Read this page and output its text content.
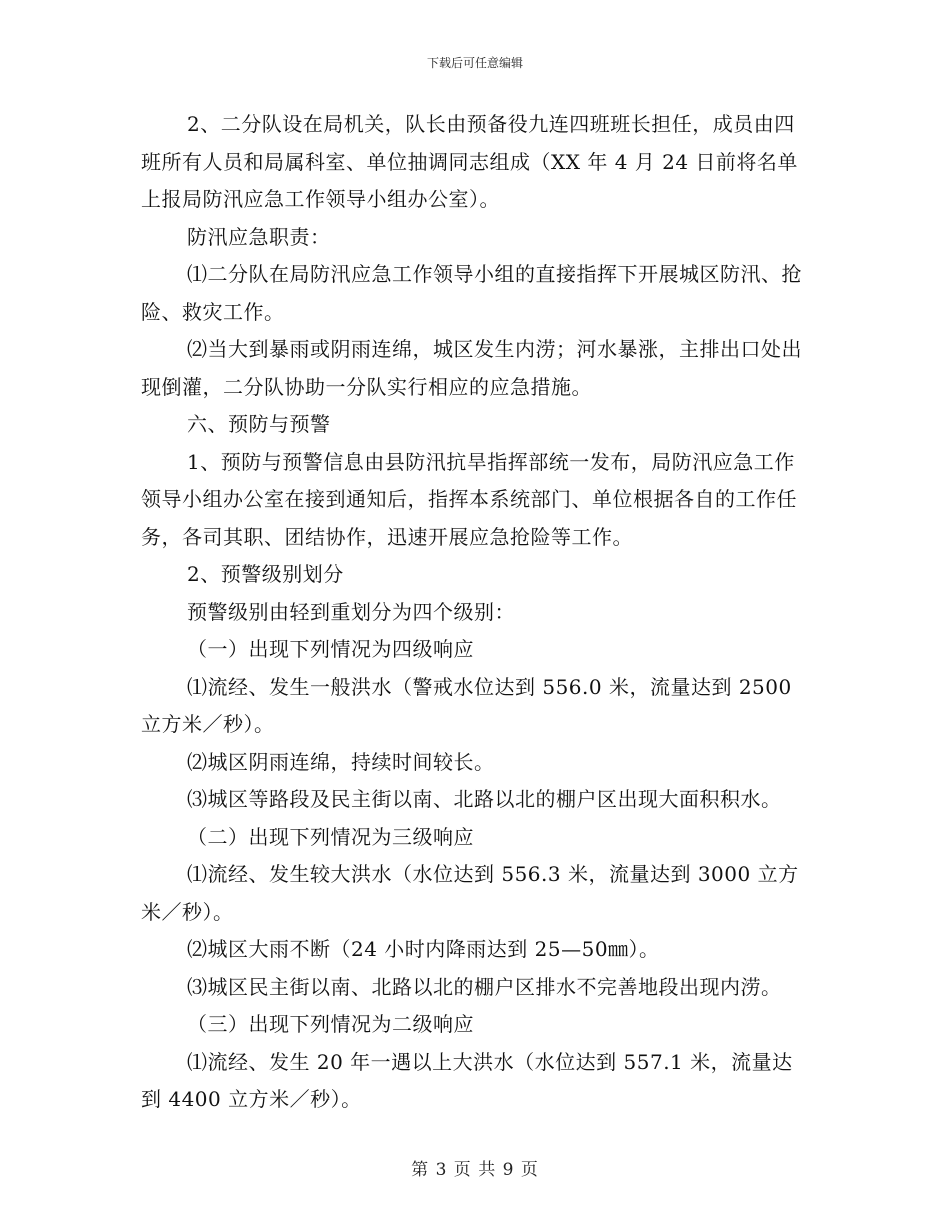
下载后可任意编辑

2、二分队设在局机关，队长由预备役九连四班班长担任，成员由四班所有人员和局属科室、单位抽调同志组成（XX 年 4 月 24 日前将名单上报局防汛应急工作领导小组办公室）。

防汛应急职责：

⑴二分队在局防汛应急工作领导小组的直接指挥下开展城区防汛、抢险、救灾工作。

⑵当大到暴雨或阴雨连绵，城区发生内涝；河水暴涨，主排出口处出现倒灌，二分队协助一分队实行相应的应急措施。

六、预防与预警

1、预防与预警信息由县防汛抗旱指挥部统一发布，局防汛应急工作领导小组办公室在接到通知后，指挥本系统部门、单位根据各自的工作任务，各司其职、团结协作，迅速开展应急抢险等工作。

2、预警级别划分

预警级别由轻到重划分为四个级别：

（一）出现下列情况为四级响应

⑴流经、发生一般洪水（警戒水位达到 556.0 米，流量达到 2500 立方米／秒）。

⑵城区阴雨连绵，持续时间较长。

⑶城区等路段及民主街以南、北路以北的棚户区出现大面积积水。

（二）出现下列情况为三级响应

⑴流经、发生较大洪水（水位达到 556.3 米，流量达到 3000 立方米／秒）。

⑵城区大雨不断（24 小时内降雨达到 25—50㎜）。

⑶城区民主街以南、北路以北的棚户区排水不完善地段出现内涝。

（三）出现下列情况为二级响应

⑴流经、发生 20 年一遇以上大洪水（水位达到 557.1 米，流量达到 4400 立方米／秒）。

第 3 页 共 9 页
